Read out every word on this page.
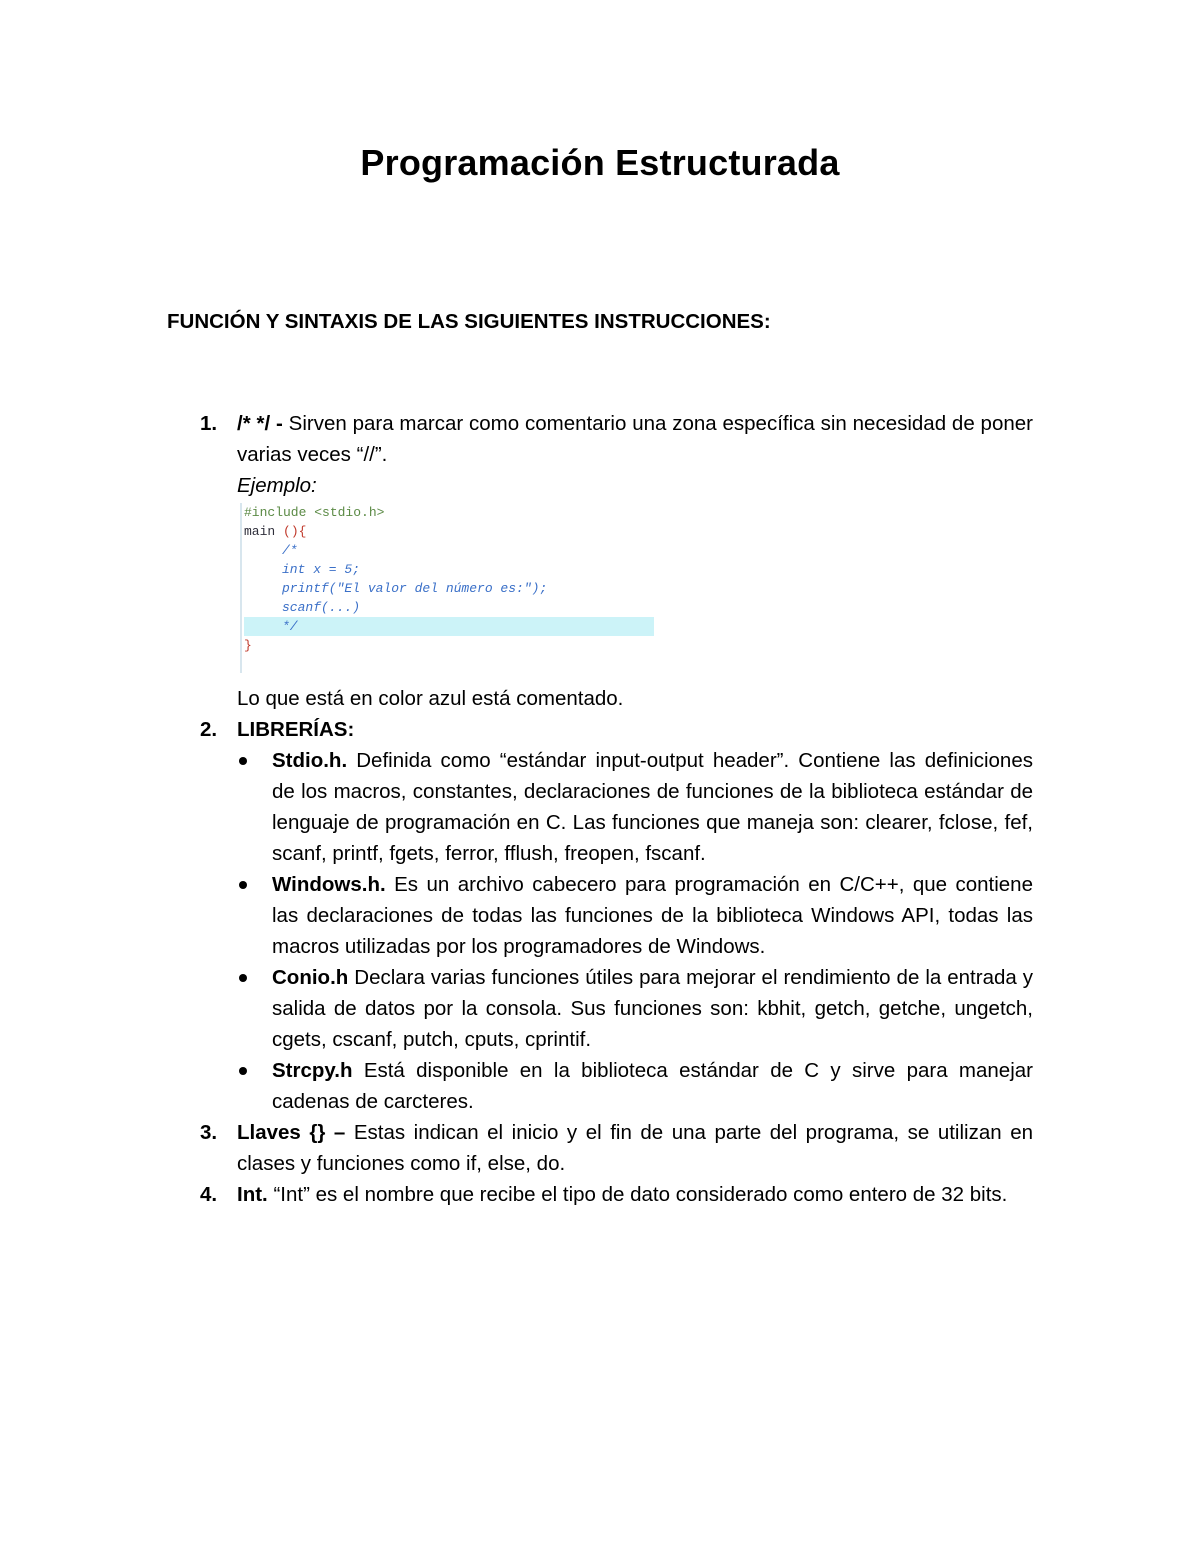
Programación Estructurada
FUNCIÓN Y SINTAXIS DE LAS SIGUIENTES INSTRUCCIONES:
1. /* */ - Sirven para marcar como comentario una zona específica sin necesidad de poner varias veces “//”.
Ejemplo:
#include <stdio.h>
main (){
/*
int x = 5;
printf("El valor del número es:");
scanf(...)
*/
}
Lo que está en color azul está comentado.
2. LIBRERÍAS:
Stdio.h. Definida como “estándar input-output header”. Contiene las definiciones de los macros, constantes, declaraciones de funciones de la biblioteca estándar de lenguaje de programación en C. Las funciones que maneja son: clearer, fclose, fef, scanf, printf, fgets, ferror, fflush, freopen, fscanf.
Windows.h. Es un archivo cabecero para programación en C/C++, que contiene las declaraciones de todas las funciones de la biblioteca Windows API, todas las macros utilizadas por los programadores de Windows.
Conio.h Declara varias funciones útiles para mejorar el rendimiento de la entrada y salida de datos por la consola. Sus funciones son: kbhit, getch, getche, ungetch, cgets, cscanf, putch, cputs, cprintif.
Strcpy.h Está disponible en la biblioteca estándar de C y sirve para manejar cadenas de carcteres.
3. Llaves {} – Estas indican el inicio y el fin de una parte del programa, se utilizan en clases y funciones como if, else, do.
4. Int. “Int” es el nombre que recibe el tipo de dato considerado como entero de 32 bits.
